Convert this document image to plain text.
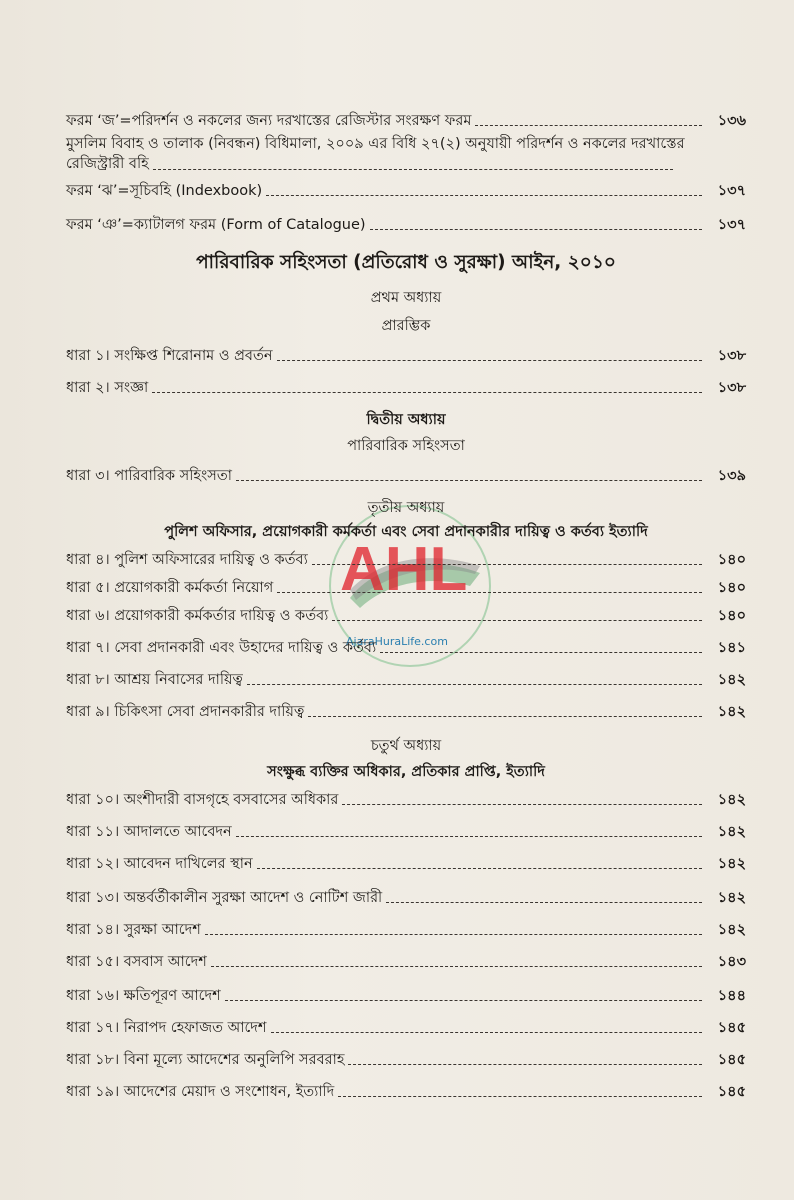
AHL
AjaraHuraLife.com
ফরম ‘জ’=পরিদর্শন ও নকলের জন্য দরখাস্তের রেজিস্টার সংরক্ষণ ফরম	১৩৬
মুসলিম বিবাহ ও তালাক (নিবন্ধন) বিধিমালা, ২০০৯ এর বিধি ২৭(২) অনুযায়ী পরিদর্শন ও নকলের দরখাস্তের
রেজিস্ট্রারী বহি
ফরম ‘ঝ’=সূচিবহি (Indexbook)	১৩৭
ফরম ‘ঞ’=ক্যাটালগ ফরম (Form of Catalogue)	১৩৭
পারিবারিক সহিংসতা (প্রতিরোধ ও সুরক্ষা) আইন, ২০১০
প্রথম অধ্যায়
প্রারম্ভিক
ধারা ১। সংক্ষিপ্ত শিরোনাম ও প্রবর্তন	১৩৮
ধারা ২। সংজ্ঞা	১৩৮
দ্বিতীয় অধ্যায়
পারিবারিক সহিংসতা
ধারা ৩। পারিবারিক সহিংসতা	১৩৯
তৃতীয় অধ্যায়
পুলিশ অফিসার, প্রয়োগকারী কর্মকর্তা এবং সেবা প্রদানকারীর দায়িত্ব ও কর্তব্য ইত্যাদি
ধারা ৪। পুলিশ অফিসারের দায়িত্ব ও কর্তব্য	১৪০
ধারা ৫। প্রয়োগকারী কর্মকর্তা নিয়োগ	১৪০
ধারা ৬। প্রয়োগকারী কর্মকর্তার দায়িত্ব ও কর্তব্য	১৪০
ধারা ৭। সেবা প্রদানকারী এবং উহাদের দায়িত্ব ও কর্তব্য	১৪১
ধারা ৮। আশ্রয় নিবাসের দায়িত্ব	১৪২
ধারা ৯। চিকিৎসা সেবা প্রদানকারীর দায়িত্ব	১৪২
চতুর্থ অধ্যায়
সংক্ষুব্ধ ব্যক্তির অধিকার, প্রতিকার প্রাপ্তি, ইত্যাদি
ধারা ১০। অংশীদারী বাসগৃহে বসবাসের অধিকার	১৪২
ধারা ১১। আদালতে আবেদন	১৪২
ধারা ১২। আবেদন দাখিলের স্থান	১৪২
ধারা ১৩। অন্তর্বর্তীকালীন সুরক্ষা আদেশ ও নোটিশ জারী	১৪২
ধারা ১৪। সুরক্ষা আদেশ	১৪২
ধারা ১৫। বসবাস আদেশ	১৪৩
ধারা ১৬। ক্ষতিপূরণ আদেশ	১৪৪
ধারা ১৭। নিরাপদ হেফাজত আদেশ	১৪৫
ধারা ১৮। বিনা মূল্যে আদেশের অনুলিপি সরবরাহ	১৪৫
ধারা ১৯। আদেশের মেয়াদ ও সংশোধন, ইত্যাদি	১৪৫
